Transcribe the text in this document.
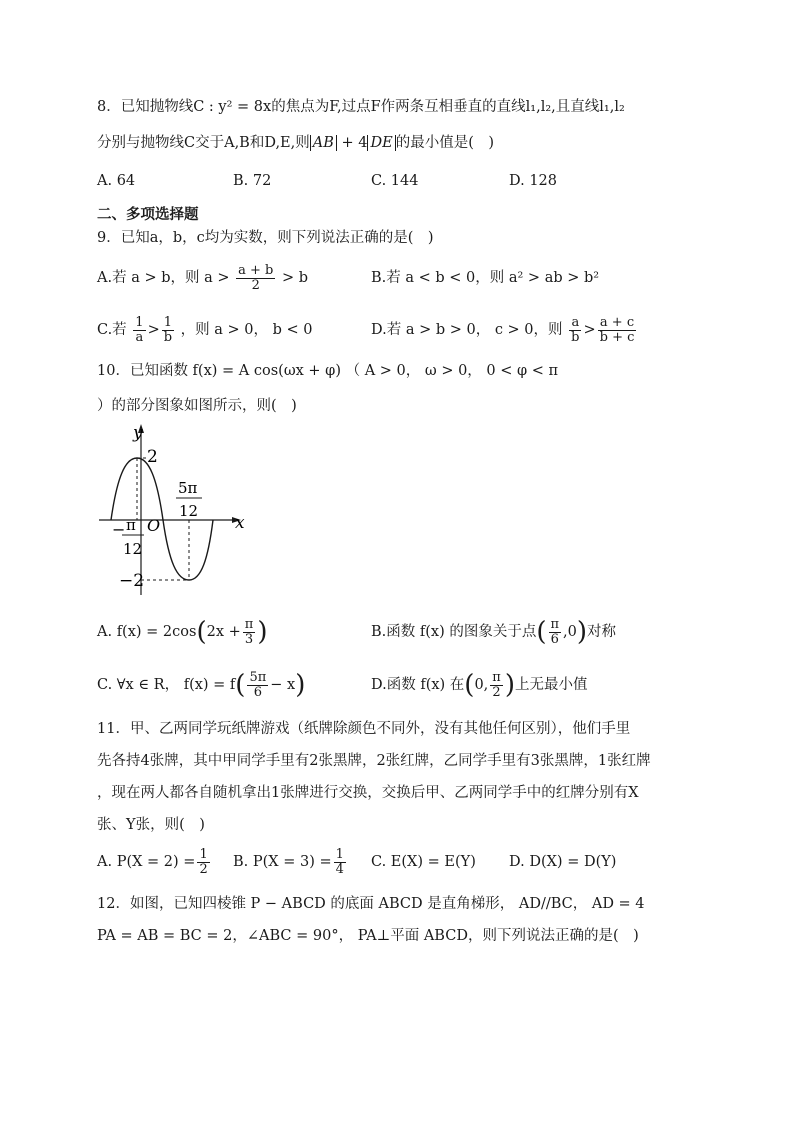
8．已知抛物线C : y² = 8x的焦点为F,过点F作两条互相垂直的直线l₁,l₂,且直线l₁,l₂
分别与抛物线C交于A,B和D,E,则 AB + 4 DE 的最小值是(　)
A. 64	B. 72	C. 144	D. 128
二、多项选择题
9．已知a，b，c均为实数，则下列说法正确的是(　)
A.若 a > b，则 $a > \frac{a + b}{2} > b$	B.若 a < b < 0，则 a² > ab > b²
C.若 $\frac{1}{a} > \frac{1}{b}$ ，则 a > 0， b < 0	D.若 a > b > 0， c > 0，则 $\frac{a}{b} > \frac{a + c}{b + c}$
10．已知函数 f(x) = A cos(ωx + φ) （ A > 0， ω > 0， 0 < φ < π
）的部分图象如图所示，则(　)
y
x
O
2
−2
− π
12
5π
12
A. $f(x) = 2\cos(2x + \frac{\pi}{3}$ )	B.函数 f(x) 的图象关于点( $\frac{\pi}{6} ,0$)对称
C. ∀x ∈ R， $f(x) = f( \frac{5\pi}{6} - x)$	D.函数 f(x) 在(0, $\frac{\pi}{2}$ )上无最小值
11．甲、乙两同学玩纸牌游戏（纸牌除颜色不同外，没有其他任何区别），他们手里
先各持4张牌，其中甲同学手里有2张黑牌，2张红牌，乙同学手里有3张黑牌，1张红牌
，现在两人都各自随机拿出1张牌进行交换，交换后甲、乙两同学手中的红牌分别有X
张、Y张，则(　)
A. $P(X = 2) = \frac{1}{2} B$. $P(X = 3) = \frac{1}{4} C$. E(X) = E(Y) D. D(X) = D(Y)
12．如图，已知四棱锥 P − ABCD 的底面 ABCD 是直角梯形， AD//BC， AD = 4
PA = AB = BC = 2，∠ABC = 90°， PA⊥平面 ABCD，则下列说法正确的是(　)
